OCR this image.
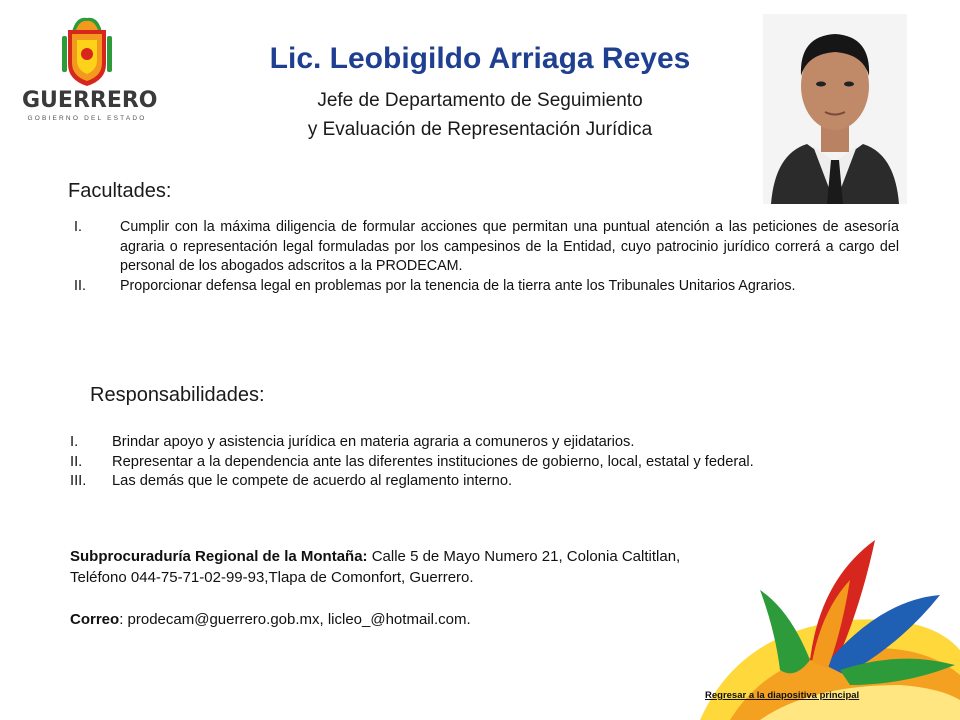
GUERRERO
GOBIERNO DEL ESTADO
Lic. Leobigildo Arriaga Reyes
Jefe de Departamento de Seguimiento
y Evaluación de Representación Jurídica
Facultades:
I.	Cumplir con la máxima diligencia de formular acciones que permitan una puntual atención a las peticiones de asesoría agraria o representación legal formuladas por los campesinos de la Entidad, cuyo patrocinio jurídico correrá a cargo del personal de los abogados adscritos a la PRODECAM.
II. Proporcionar defensa legal en problemas por la tenencia de la tierra ante los Tribunales Unitarios Agrarios.
Responsabilidades:
I. Brindar apoyo y asistencia jurídica en materia agraria a comuneros y ejidatarios.
II. Representar a la dependencia ante las diferentes instituciones de gobierno, local, estatal y federal.
III. Las demás que le compete de acuerdo al reglamento interno.
Subprocuraduría Regional de la Montaña: Calle 5 de Mayo Numero 21, Colonia Caltitlan,
Teléfono 044-75-71-02-99-93,Tlapa de Comonfort, Guerrero.
Correo: prodecam@guerrero.gob.mx, licleo_@hotmail.com.
Regresar a la diapositiva principal
